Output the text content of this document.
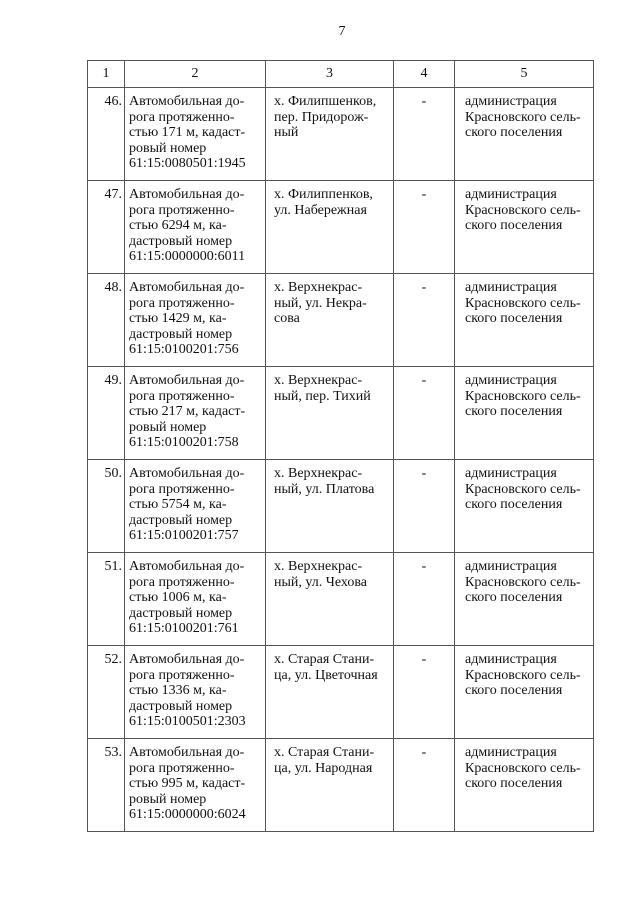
7
1	2	3	4	5
46.	Автомобильная до-
рога протяженно-
стью 171 м, кадаст-
ровый номер
61:15:0080501:1945	х. Филипшенков,
пер. Придорож-
ный	-	администрация
Красновского сель-
ского поселения
47.	Автомобильная до-
рога протяженно-
стью 6294 м, ка-
дастровый номер
61:15:0000000:6011	х. Филиппенков,
ул. Набережная	-	администрация
Красновского сель-
ского поселения
48.	Автомобильная до-
рога протяженно-
стью 1429 м, ка-
дастровый номер
61:15:0100201:756	х. Верхнекрас-
ный, ул. Некра-
сова	-	администрация
Красновского сель-
ского поселения
49.	Автомобильная до-
рога протяженно-
стью 217 м, кадаст-
ровый номер
61:15:0100201:758	х. Верхнекрас-
ный, пер. Тихий	-	администрация
Красновского сель-
ского поселения
50.	Автомобильная до-
рога протяженно-
стью 5754 м, ка-
дастровый номер
61:15:0100201:757	х. Верхнекрас-
ный, ул. Платова	-	администрация
Красновского сель-
ского поселения
51.	Автомобильная до-
рога протяженно-
стью 1006 м, ка-
дастровый номер
61:15:0100201:761	х. Верхнекрас-
ный, ул. Чехова	-	администрация
Красновского сель-
ского поселения
52.	Автомобильная до-
рога протяженно-
стью 1336 м, ка-
дастровый номер
61:15:0100501:2303	х. Старая Стани-
ца, ул. Цветочная	-	администрация
Красновского сель-
ского поселения
53.	Автомобильная до-
рога протяженно-
стью 995 м, кадаст-
ровый номер
61:15:0000000:6024	х. Старая Стани-
ца, ул. Народная	-	администрация
Красновского сель-
ского поселения
